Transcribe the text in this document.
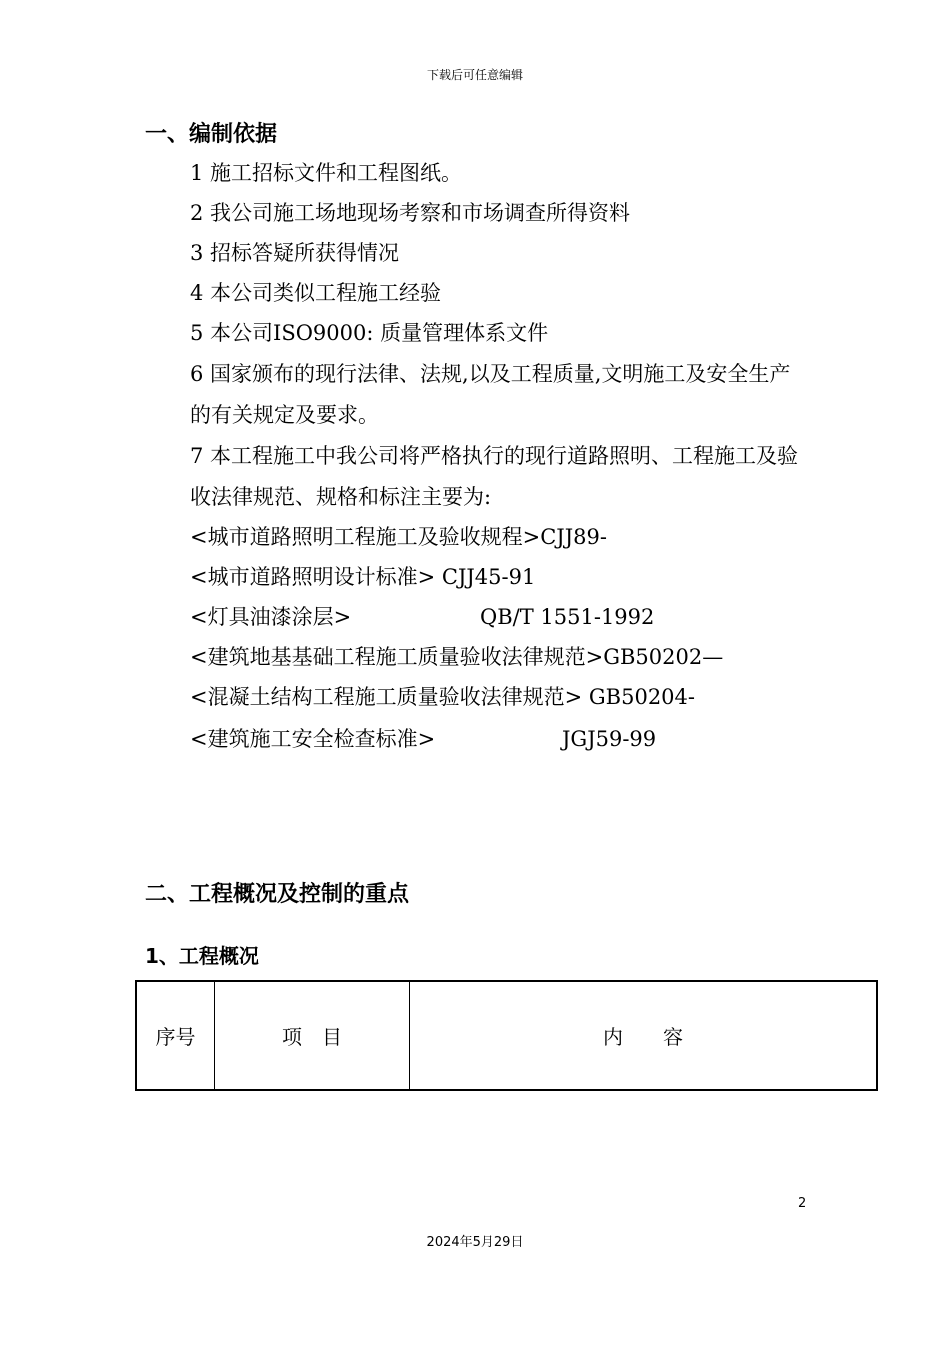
下载后可任意编辑
一、编制依据
1 施工招标文件和工程图纸。
2 我公司施工场地现场考察和市场调查所得资料
3 招标答疑所获得情况
4 本公司类似工程施工经验
5 本公司ISO9000: 质量管理体系文件
6 国家颁布的现行法律、法规,以及工程质量,文明施工及安全生产的有关规定及要求。
7 本工程施工中我公司将严格执行的现行道路照明、工程施工及验收法律规范、规格和标注主要为:
<城市道路照明工程施工及验收规程>CJJ89-
<城市道路照明设计标准> CJJ45-91
<灯具油漆涂层>	QB/T 1551-1992
<建筑地基基础工程施工质量验收法律规范>GB50202—
<混凝土结构工程施工质量验收法律规范> GB50204-
<建筑施工安全检查标准>	JGJ59-99
二、工程概况及控制的重点
1、工程概况
序号	项　目	内　　容
2
2024年5月29日
